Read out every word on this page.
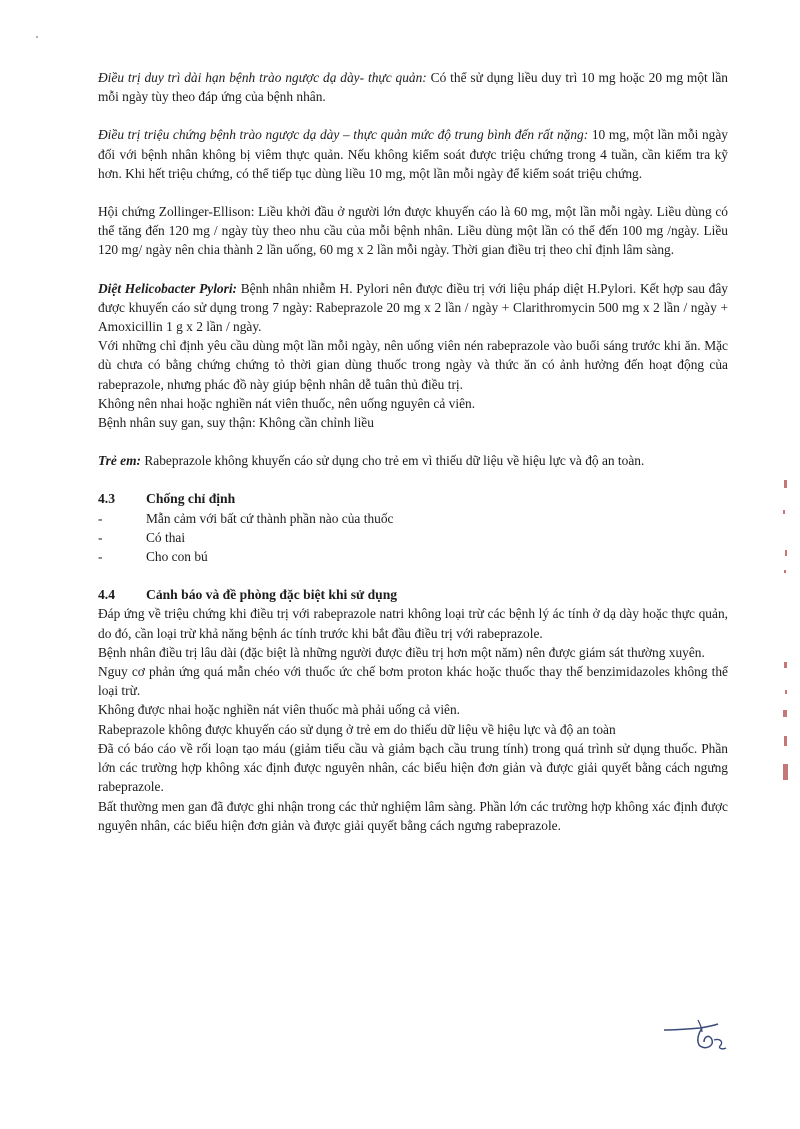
Điều trị duy trì dài hạn bệnh trào ngược dạ dày- thực quản: Có thể sử dụng liều duy trì 10 mg hoặc 20 mg một lần mỗi ngày tùy theo đáp ứng của bệnh nhân.

Điều trị triệu chứng bệnh trào ngược dạ dày – thực quản mức độ trung bình đến rất nặng: 10 mg, một lần mỗi ngày đối với bệnh nhân không bị viêm thực quản. Nếu không kiểm soát được triệu chứng trong 4 tuần, cần kiểm tra kỹ hơn. Khi hết triệu chứng, có thể tiếp tục dùng liều 10 mg, một lần mỗi ngày để kiểm soát triệu chứng.

Hội chứng Zollinger-Ellison: Liều khởi đầu ở người lớn được khuyến cáo là 60 mg, một lần mỗi ngày. Liều dùng có thể tăng đến 120 mg / ngày tùy theo nhu cầu của mỗi bệnh nhân. Liều dùng một lần có thể đến 100 mg /ngày. Liều 120 mg/ ngày nên chia thành 2 lần uống, 60 mg x 2 lần mỗi ngày. Thời gian điều trị theo chỉ định lâm sàng.

Diệt Helicobacter Pylori: Bệnh nhân nhiễm H. Pylori nên được điều trị với liệu pháp diệt H.Pylori. Kết hợp sau đây được khuyến cáo sử dụng trong 7 ngày: Rabeprazole 20 mg x 2 lần / ngày + Clarithromycin 500 mg x 2 lần / ngày + Amoxicillin 1 g x 2 lần / ngày.

Với những chỉ định yêu cầu dùng một lần mỗi ngày, nên uống viên nén rabeprazole vào buổi sáng trước khi ăn. Mặc dù chưa có bằng chứng chứng tỏ thời gian dùng thuốc trong ngày và thức ăn có ảnh hưởng đến hoạt động của rabeprazole, nhưng phác đồ này giúp bệnh nhân dễ tuân thủ điều trị.

Không nên nhai hoặc nghiền nát viên thuốc, nên uống nguyên cả viên.

Bệnh nhân suy gan, suy thận: Không cần chỉnh liều

Trẻ em: Rabeprazole không khuyến cáo sử dụng cho trẻ em vì thiếu dữ liệu về hiệu lực và độ an toàn.

4.3	Chống chỉ định
-	Mẫn cảm với bất cứ thành phần nào của thuốc
-	Có thai
-	Cho con bú
4.4	Cảnh báo và đề phòng đặc biệt khi sử dụng

Đáp ứng về triệu chứng khi điều trị với rabeprazole natri không loại trừ các bệnh lý ác tính ở dạ dày hoặc thực quản, do đó, cần loại trừ khả năng bệnh ác tính trước khi bắt đầu điều trị với rabeprazole.

Bệnh nhân điều trị lâu dài (đặc biệt là những người được điều trị hơn một năm) nên được giám sát thường xuyên.

Nguy cơ phản ứng quá mẫn chéo với thuốc ức chế bơm proton khác hoặc thuốc thay thế benzimidazoles không thể loại trừ.

Không được nhai hoặc nghiền nát viên thuốc mà phải uống cả viên.

Rabeprazole không được khuyến cáo sử dụng ở trẻ em do thiếu dữ liệu về hiệu lực và độ an toàn

Đã có báo cáo về rối loạn tạo máu (giảm tiểu cầu và giảm bạch cầu trung tính) trong quá trình sử dụng thuốc. Phần lớn các trường hợp không xác định được nguyên nhân, các biểu hiện đơn giản và được giải quyết bằng cách ngưng rabeprazole.

Bất thường men gan đã được ghi nhận trong các thử nghiệm lâm sàng. Phần lớn các trường hợp không xác định được nguyên nhân, các biểu hiện đơn giản và được giải quyết bằng cách ngưng rabeprazole.
